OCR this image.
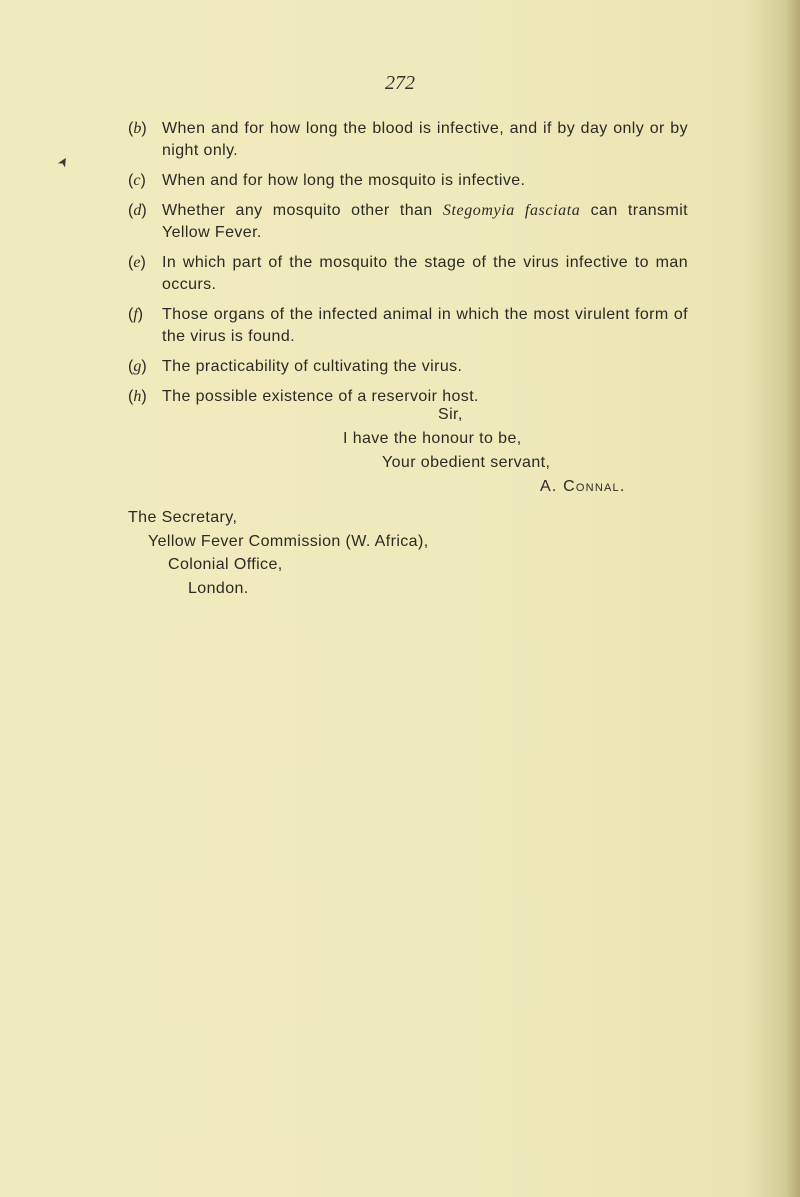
272
➤
(b) When and for how long the blood is infective, and if by day only or by night only.
(c) When and for how long the mosquito is infective.
(d) Whether any mosquito other than Stegomyia fasciata can transmit Yellow Fever.
(e) In which part of the mosquito the stage of the virus infective to man occurs.
(f) Those organs of the infected animal in which the most virulent form of the virus is found.
(g) The practicability of cultivating the virus.
(h) The possible existence of a reservoir host.
Sir,
I have the honour to be,
Your obedient servant,
A. Connal.
The Secretary,
Yellow Fever Commission (W. Africa),
Colonial Office,
London.
